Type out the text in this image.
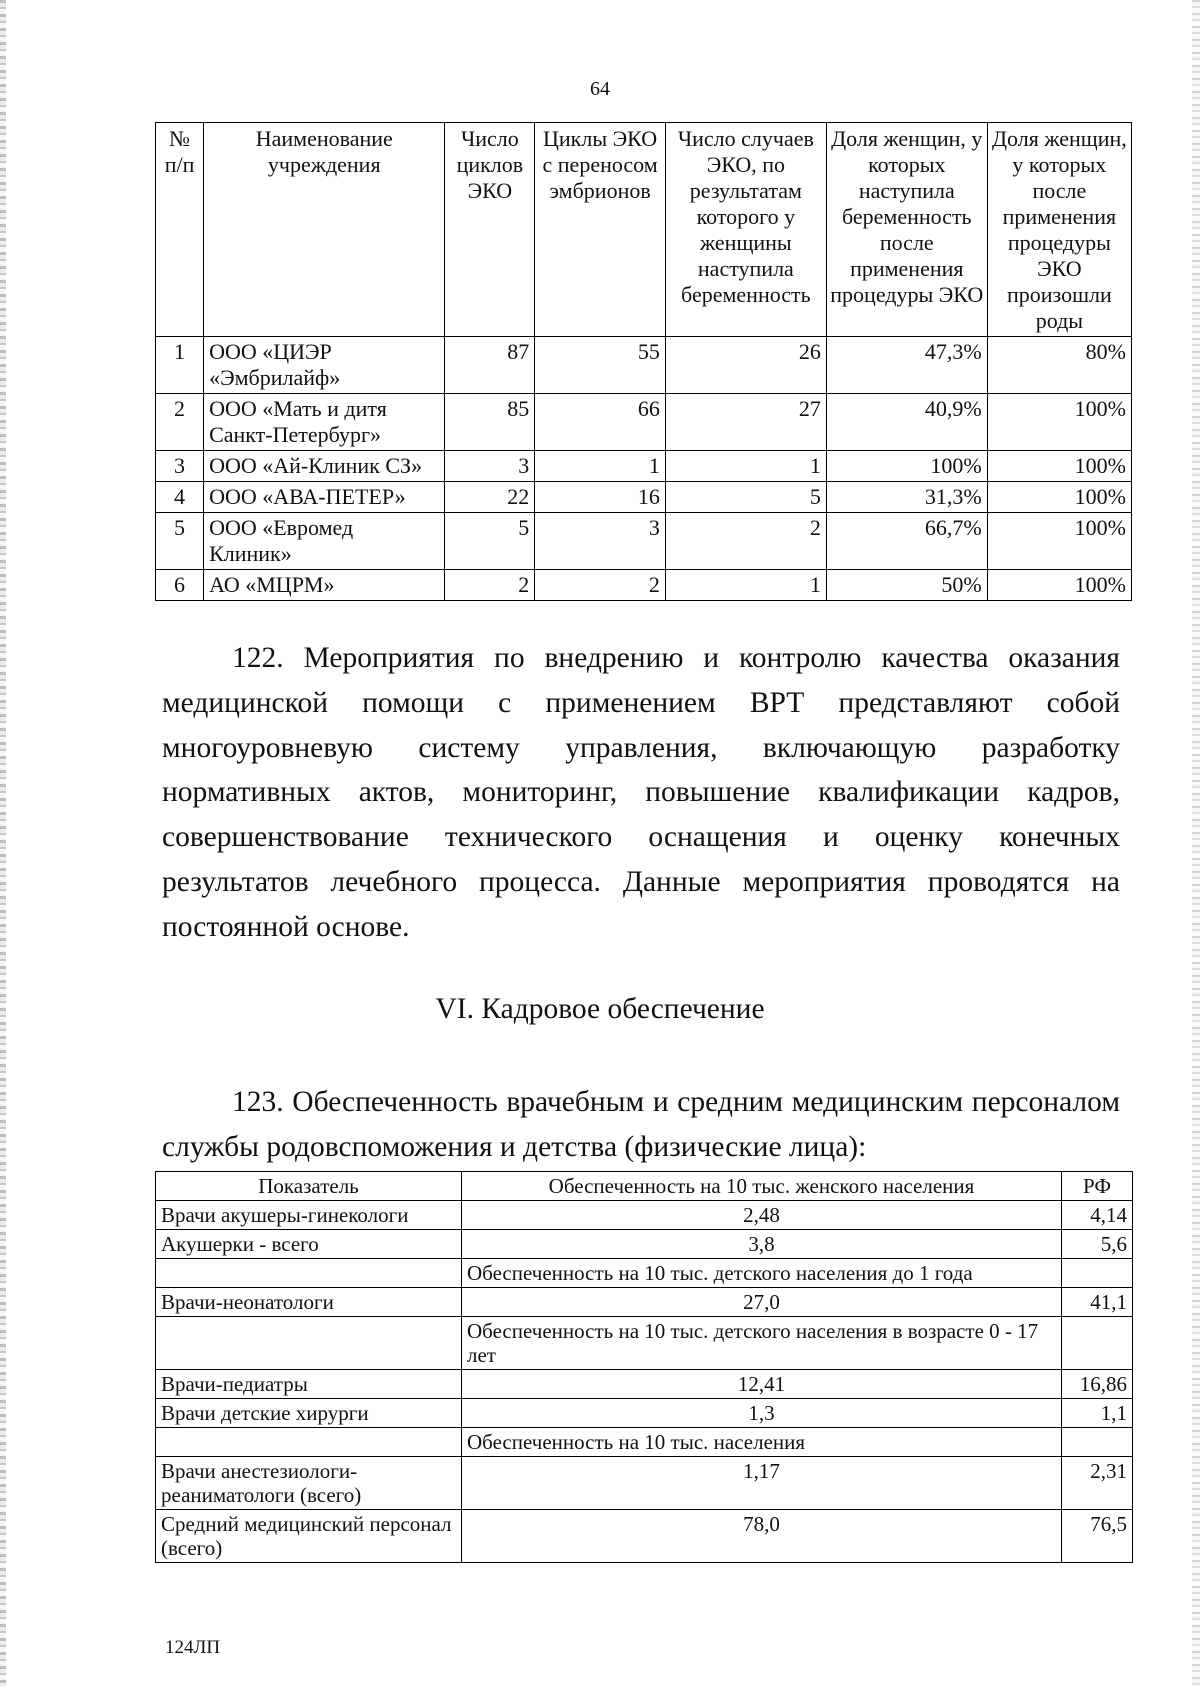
64
№ п/п	Наименование учреждения	Число циклов ЭКО	Циклы ЭКО с переносом эмбрионов	Число случаев ЭКО, по результатам которого у женщины наступила беременность	Доля женщин, у которых наступила беременность после применения процедуры ЭКО	Доля женщин, у которых после применения процедуры ЭКО произошли роды
1	ООО «ЦИЭР «Эмбрилайф»	87	55	26	47,3%	80%
2	ООО «Мать и дитя Санкт-Петербург»	85	66	27	40,9%	100%
3	ООО «Ай-Клиник СЗ»	3	1	1	100%	100%
4	ООО «АВА-ПЕТЕР»	22	16	5	31,3%	100%
5	ООО «Евромед Клиник»	5	3	2	66,7%	100%
6	АО «МЦРМ»	2	2	1	50%	100%

122. Мероприятия по внедрению и контролю качества оказания медицинской помощи с применением ВРТ представляют собой многоуровневую систему управления, включающую разработку нормативных актов, мониторинг, повышение квалификации кадров, совершенствование технического оснащения и оценку конечных результатов лечебного процесса. Данные мероприятия проводятся на постоянной основе.

VI. Кадровое обеспечение

123. Обеспеченность врачебным и средним медицинским персоналом службы родовспоможения и детства (физические лица):

Показатель	Обеспеченность на 10 тыс. женского населения	РФ
Врачи акушеры-гинекологи	2,48	4,14
Акушерки - всего	3,8	5,6
	Обеспеченность на 10 тыс. детского населения до 1 года	
Врачи-неонатологи	27,0	41,1
	Обеспеченность на 10 тыс. детского населения в возрасте 0 - 17 лет	
Врачи-педиатры	12,41	16,86
Врачи детские хирурги	1,3	1,1
	Обеспеченность на 10 тыс. населения	
Врачи анестезиологи-реаниматологи (всего)	1,17	2,31
Средний медицинский персонал (всего)	78,0	76,5
124ЛП
